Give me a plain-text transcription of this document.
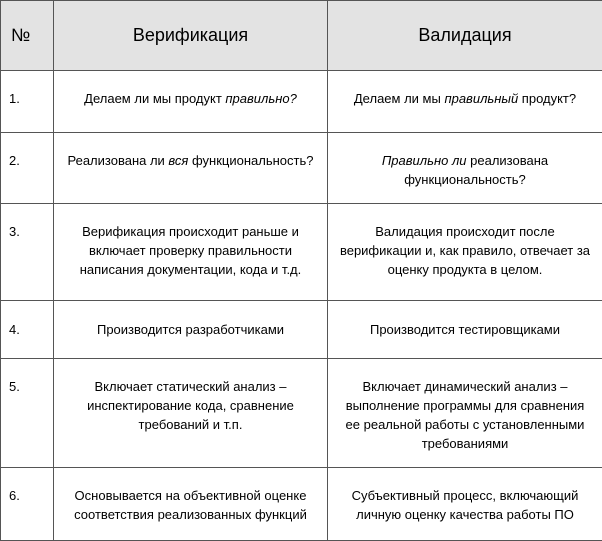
№	Верификация	Валидация

1.	Делаем ли мы продукт правильно?	Делаем ли мы правильный продукт?

2.	Реализована ли вся функциональность?	Правильно ли реализована функциональность?

3.	Верификация происходит раньше и включает проверку правильности написания документации, кода и т.д.	Валидация происходит после верификации и, как правило, отвечает за оценку продукта в целом.

4.	Производится разработчиками	Производится тестировщиками

5.	Включает статический анализ – инспектирование кода, сравнение требований и т.п.	Включает динамический анализ – выполнение программы для сравнения ее реальной работы с установленными требованиями

6.	Основывается на объективной оценке соответствия реализованных функций	Субъективный процесс, включающий личную оценку качества работы ПО
